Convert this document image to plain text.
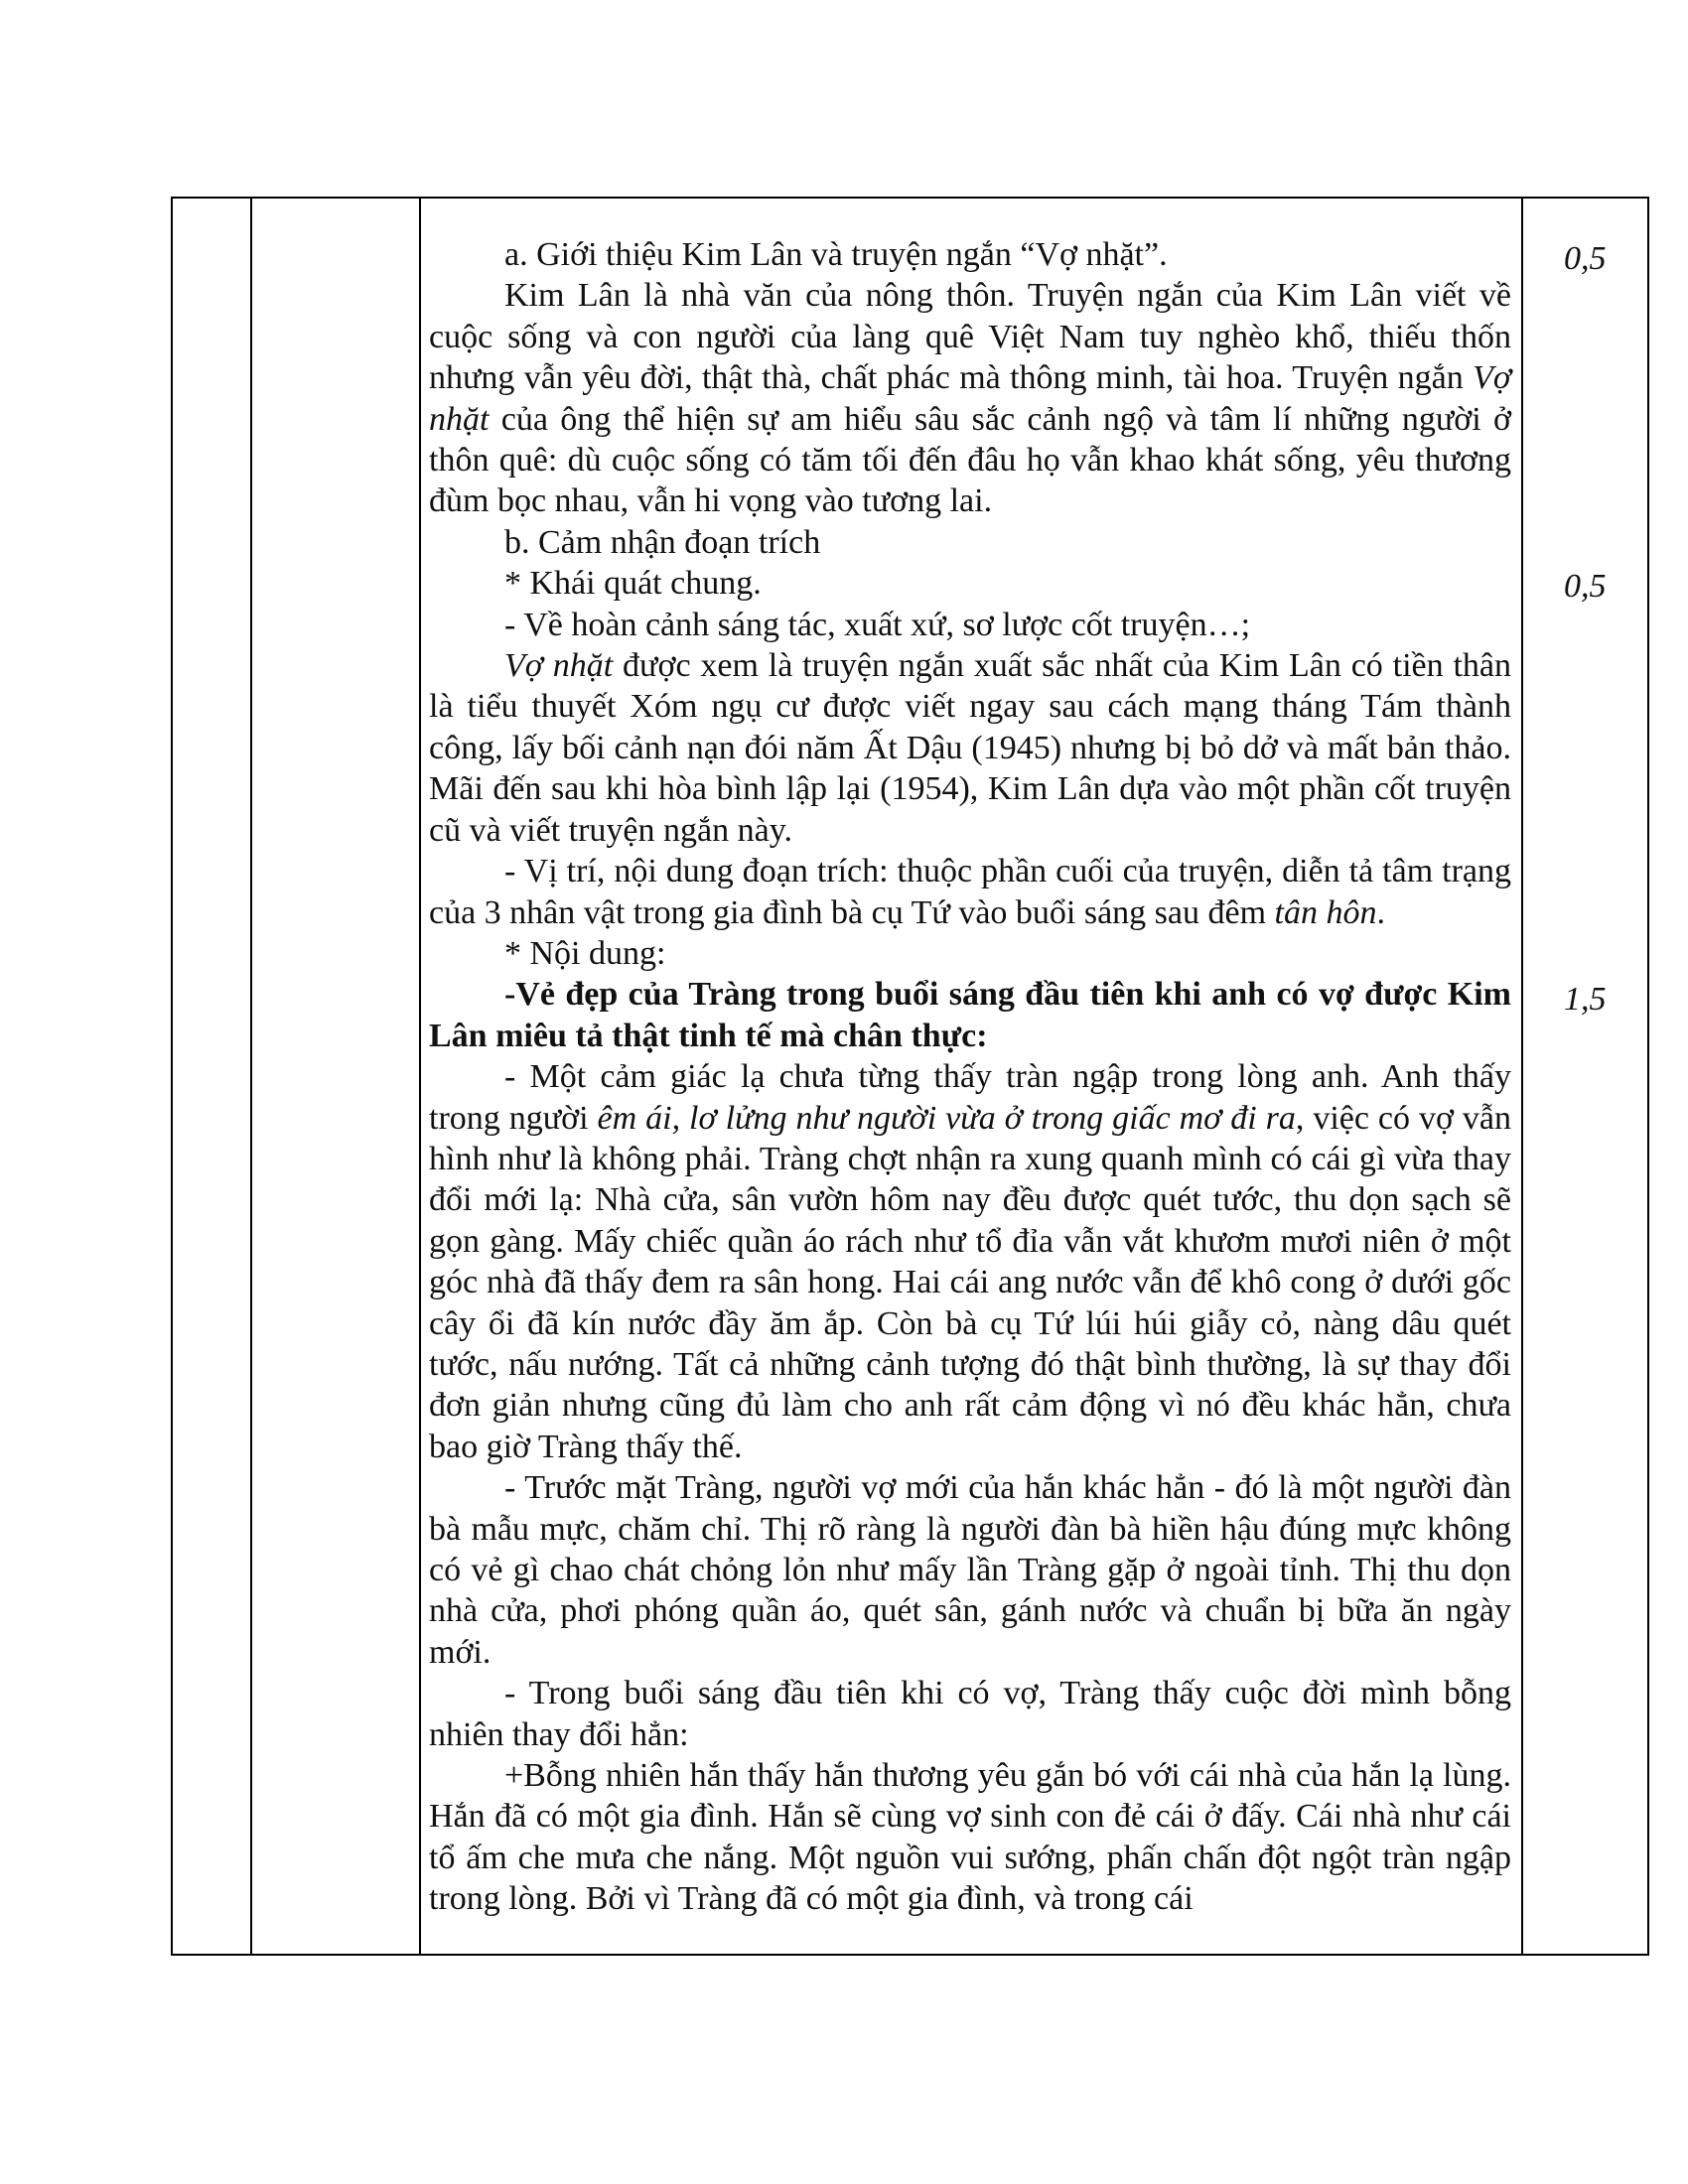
0,5
0,5
1,5

a. Giới thiệu Kim Lân và truyện ngắn “Vợ nhặt”.

Kim Lân là nhà văn của nông thôn. Truyện ngắn của Kim Lân viết về cuộc sống và con người của làng quê Việt Nam tuy nghèo khổ, thiếu thốn nhưng vẫn yêu đời, thật thà, chất phác mà thông minh, tài hoa. Truyện ngắn Vợ nhặt của ông thể hiện sự am hiểu sâu sắc cảnh ngộ và tâm lí những người ở thôn quê: dù cuộc sống có tăm tối đến đâu họ vẫn khao khát sống, yêu thương đùm bọc nhau, vẫn hi vọng vào tương lai.

b. Cảm nhận đoạn trích

* Khái quát chung.

- Về hoàn cảnh sáng tác, xuất xứ, sơ lược cốt truyện…;

Vợ nhặt được xem là truyện ngắn xuất sắc nhất của Kim Lân có tiền thân là tiểu thuyết Xóm ngụ cư được viết ngay sau cách mạng tháng Tám thành công, lấy bối cảnh nạn đói năm Ất Dậu (1945) nhưng bị bỏ dở và mất bản thảo. Mãi đến sau khi hòa bình lập lại (1954), Kim Lân dựa vào một phần cốt truyện cũ và viết truyện ngắn này.

- Vị trí, nội dung đoạn trích: thuộc phần cuối của truyện, diễn tả tâm trạng của 3 nhân vật trong gia đình bà cụ Tứ vào buổi sáng sau đêm tân hôn.

* Nội dung:

-Vẻ đẹp của Tràng trong buổi sáng đầu tiên khi anh có vợ được Kim Lân miêu tả thật tinh tế mà chân thực:

- Một cảm giác lạ chưa từng thấy tràn ngập trong lòng anh. Anh thấy trong người êm ái, lơ lửng như người vừa ở trong giấc mơ đi ra, việc có vợ vẫn hình như là không phải. Tràng chợt nhận ra xung quanh mình có cái gì vừa thay đổi mới lạ: Nhà cửa, sân vườn hôm nay đều được quét tước, thu dọn sạch sẽ gọn gàng. Mấy chiếc quần áo rách như tổ đỉa vẫn vắt khươm mươi niên ở một góc nhà đã thấy đem ra sân hong. Hai cái ang nước vẫn để khô cong ở dưới gốc cây ổi đã kín nước đầy ăm ắp. Còn bà cụ Tứ lúi húi giẫy cỏ, nàng dâu quét tước, nấu nướng. Tất cả những cảnh tượng đó thật bình thường, là sự thay đổi đơn giản nhưng cũng đủ làm cho anh rất cảm động vì nó đều khác hẳn, chưa bao giờ Tràng thấy thế.

- Trước mặt Tràng, người vợ mới của hắn khác hẳn - đó là một người đàn bà mẫu mực, chăm chỉ. Thị rõ ràng là người đàn bà hiền hậu đúng mực không có vẻ gì chao chát chỏng lỏn như mấy lần Tràng gặp ở ngoài tỉnh. Thị thu dọn nhà cửa, phơi phóng quần áo, quét sân, gánh nước và chuẩn bị bữa ăn ngày mới.

- Trong buổi sáng đầu tiên khi có vợ, Tràng thấy cuộc đời mình bỗng nhiên thay đổi hẳn:

+Bỗng nhiên hắn thấy hắn thương yêu gắn bó với cái nhà của hắn lạ lùng. Hắn đã có một gia đình. Hắn sẽ cùng vợ sinh con đẻ cái ở đấy. Cái nhà như cái tổ ấm che mưa che nắng. Một nguồn vui sướng, phấn chấn đột ngột tràn ngập trong lòng. Bởi vì Tràng đã có một gia đình, và trong cái
